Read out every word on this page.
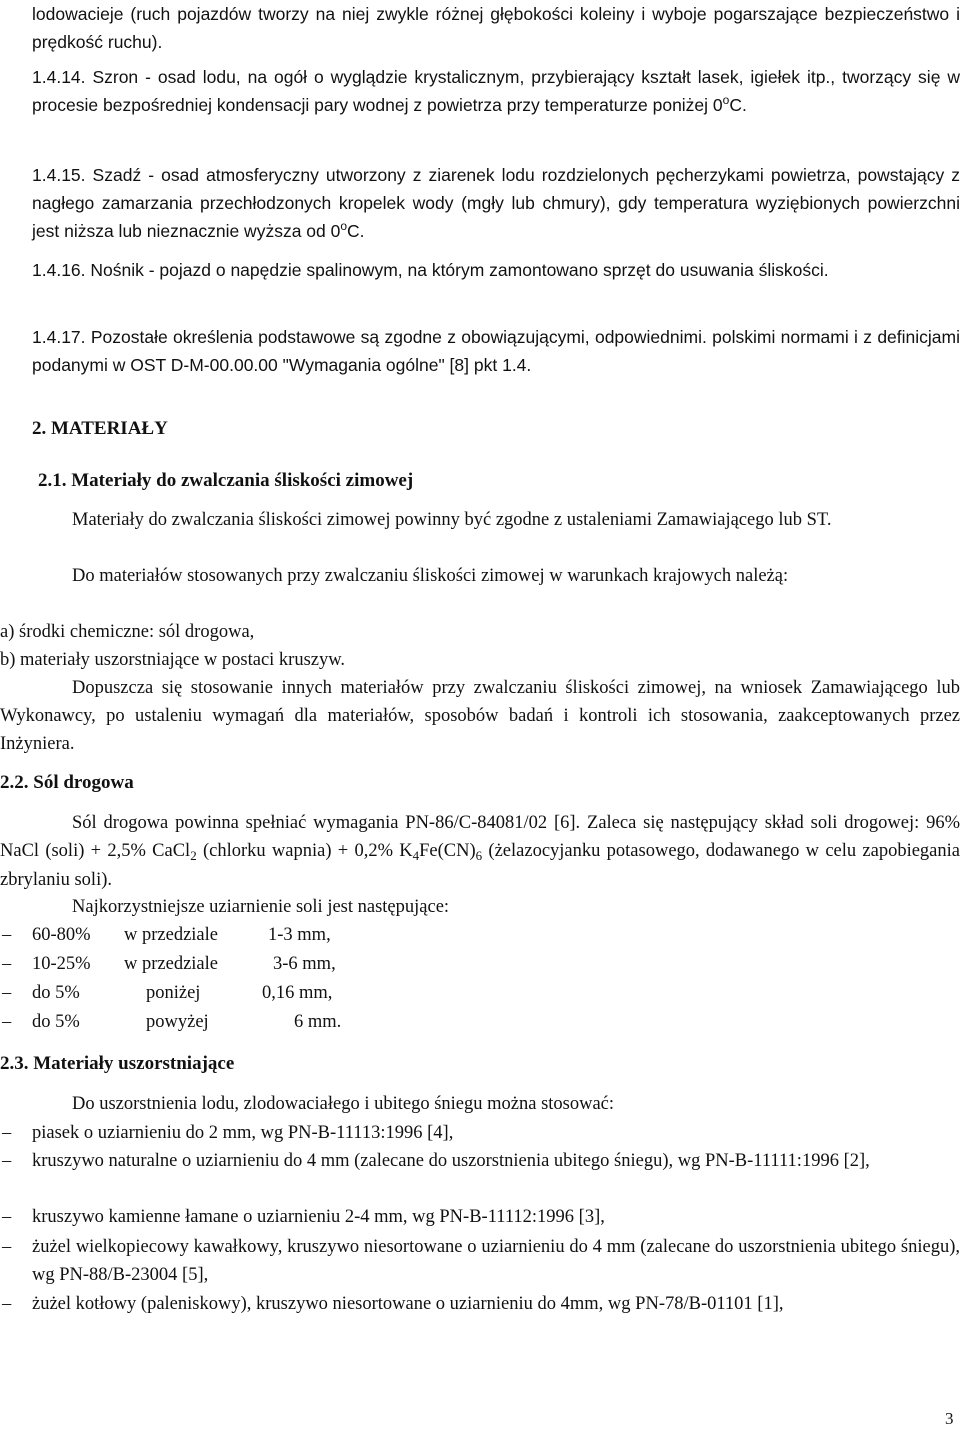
lodowacieje (ruch pojazdów tworzy na niej zwykle różnej głębokości koleiny i wyboje pogarszające bezpieczeństwo i prędkość ruchu).
1.4.14. Szron - osad lodu, na ogół o wyglądzie krystalicznym, przybierający kształt lasek, igiełek itp., tworzący się w procesie bezpośredniej kondensacji pary wodnej z powietrza przy temperaturze poniżej 0$^o$C.
1.4.15. Szadź - osad atmosferyczny utworzony z ziarenek lodu rozdzielonych pęcherzykami powietrza, powstający z nagłego zamarzania przechłodzonych kropelek wody (mgły lub chmury), gdy temperatura wyziębionych powierzchni jest niższa lub nieznacznie wyższa od 0$^o$C.
1.4.16. Nośnik - pojazd o napędzie spalinowym, na którym zamontowano sprzęt do usuwania śliskości.
1.4.17. Pozostałe określenia podstawowe są zgodne z obowiązującymi, odpowiednimi. polskimi normami i z definicjami podanymi w OST D-M-00.00.00 "Wymagania ogólne" [8] pkt 1.4.
2. MATERIAŁY
2.1. Materiały do zwalczania śliskości zimowej
Materiały do zwalczania śliskości zimowej powinny być zgodne z ustaleniami Zamawiającego lub ST.
Do materiałów stosowanych przy zwalczaniu śliskości zimowej w warunkach krajowych należą:
a) środki chemiczne: sól drogowa,
b) materiały uszorstniające w postaci kruszyw.
Dopuszcza się stosowanie innych materiałów przy zwalczaniu śliskości zimowej, na wniosek Zamawiającego lub Wykonawcy, po ustaleniu wymagań dla materiałów, sposobów badań i kontroli ich stosowania, zaakceptowanych przez Inżyniera.
2.2. Sól drogowa
Sól drogowa powinna spełniać wymagania PN-86/C-84081/02 [6]. Zaleca się następujący skład soli drogowej: 96% NaCl (soli) + 2,5% CaCl$_2$ (chlorku wapnia) + 0,2% $K_4Fe(CN)_6$ (żelazocyjanku potasowego, dodawanego w celu zapobiegania zbrylaniu soli).
Najkorzystniejsze uziarnienie soli jest następujące:
– 60-80% w przedziale	1-3 mm,
– 10-25% w przedziale	3-6 mm,
– do 5%	poniżej	0,16 mm,
– do 5%	powyżej	6 mm.
2.3. Materiały uszorstniające
Do uszorstnienia lodu, zlodowaciałego i ubitego śniegu można stosować:
–	piasek o uziarnieniu do 2 mm, wg PN-B-11113:1996 [4],
–	kruszywo naturalne o uziarnieniu do 4 mm (zalecane do uszorstnienia ubitego śniegu), wg PN-B-11111:1996 [2],
–	kruszywo kamienne łamane o uziarnieniu 2-4 mm, wg PN-B-11112:1996 [3],
–	żużel wielkopiecowy kawałkowy, kruszywo niesortowane o uziarnieniu do 4 mm (zalecane do uszorstnienia ubitego śniegu), wg PN-88/B-23004 [5],
–	żużel kotłowy (paleniskowy), kruszywo niesortowane o uziarnieniu do 4mm, wg PN-78/B-01101 [1],
3
